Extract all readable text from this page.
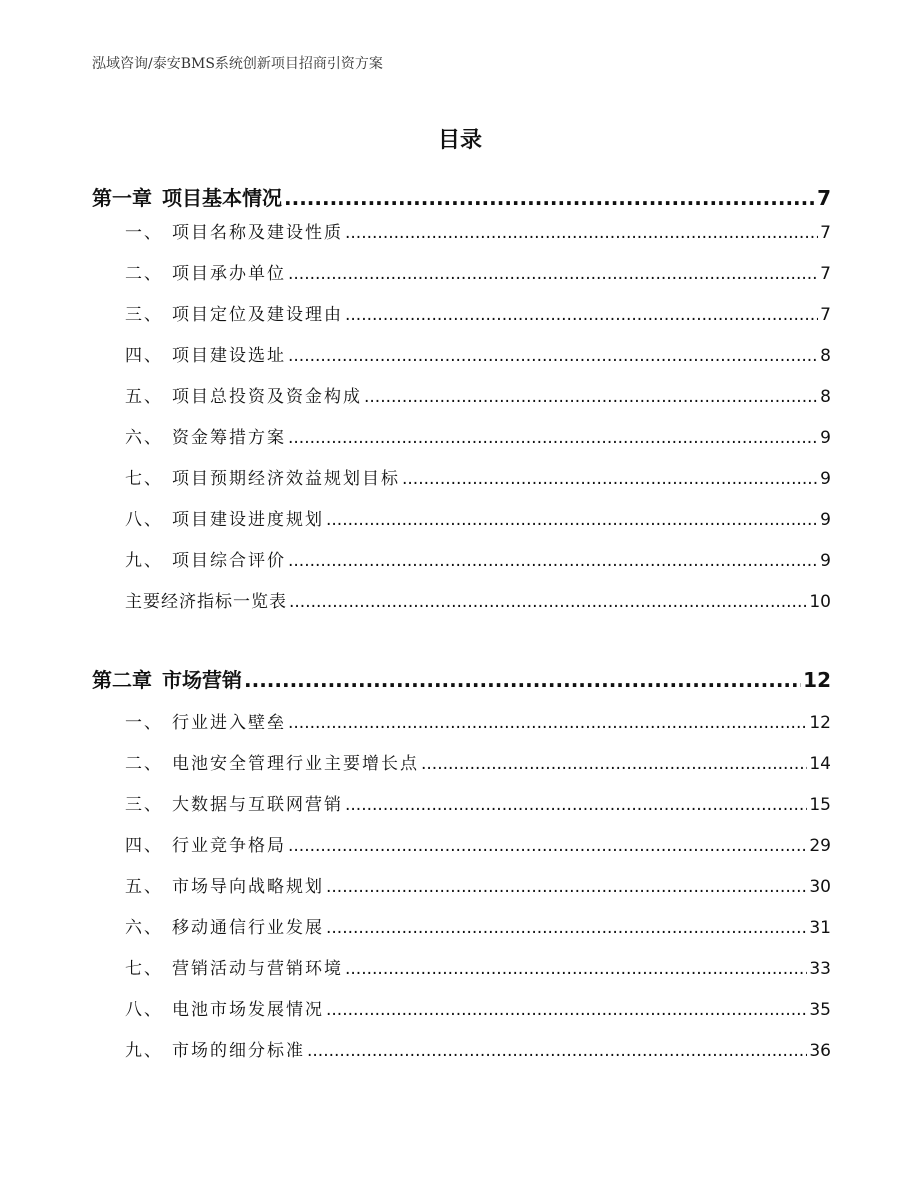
泓域咨询/泰安BMS系统创新项目招商引资方案
目录
第一章 项目基本情况 .....	7
一、 项目名称及建设性质 .....	7
二、 项目承办单位 .....	7
三、 项目定位及建设理由 .....	7
四、 项目建设选址 .....	8
五、 项目总投资及资金构成 .....	8
六、 资金筹措方案 .....	9
七、 项目预期经济效益规划目标 .....	9
八、 项目建设进度规划 .....	9
九、 项目综合评价 .....	9
主要经济指标一览表 .....	10
第二章 市场营销 .....	12
一、 行业进入壁垒 .....	12
二、 电池安全管理行业主要增长点 .....	14
三、 大数据与互联网营销 .....	15
四、 行业竞争格局 .....	29
五、 市场导向战略规划 .....	30
六、 移动通信行业发展 .....	31
七、 营销活动与营销环境 .....	33
八、 电池市场发展情况 .....	35
九、 市场的细分标准 .....	36
